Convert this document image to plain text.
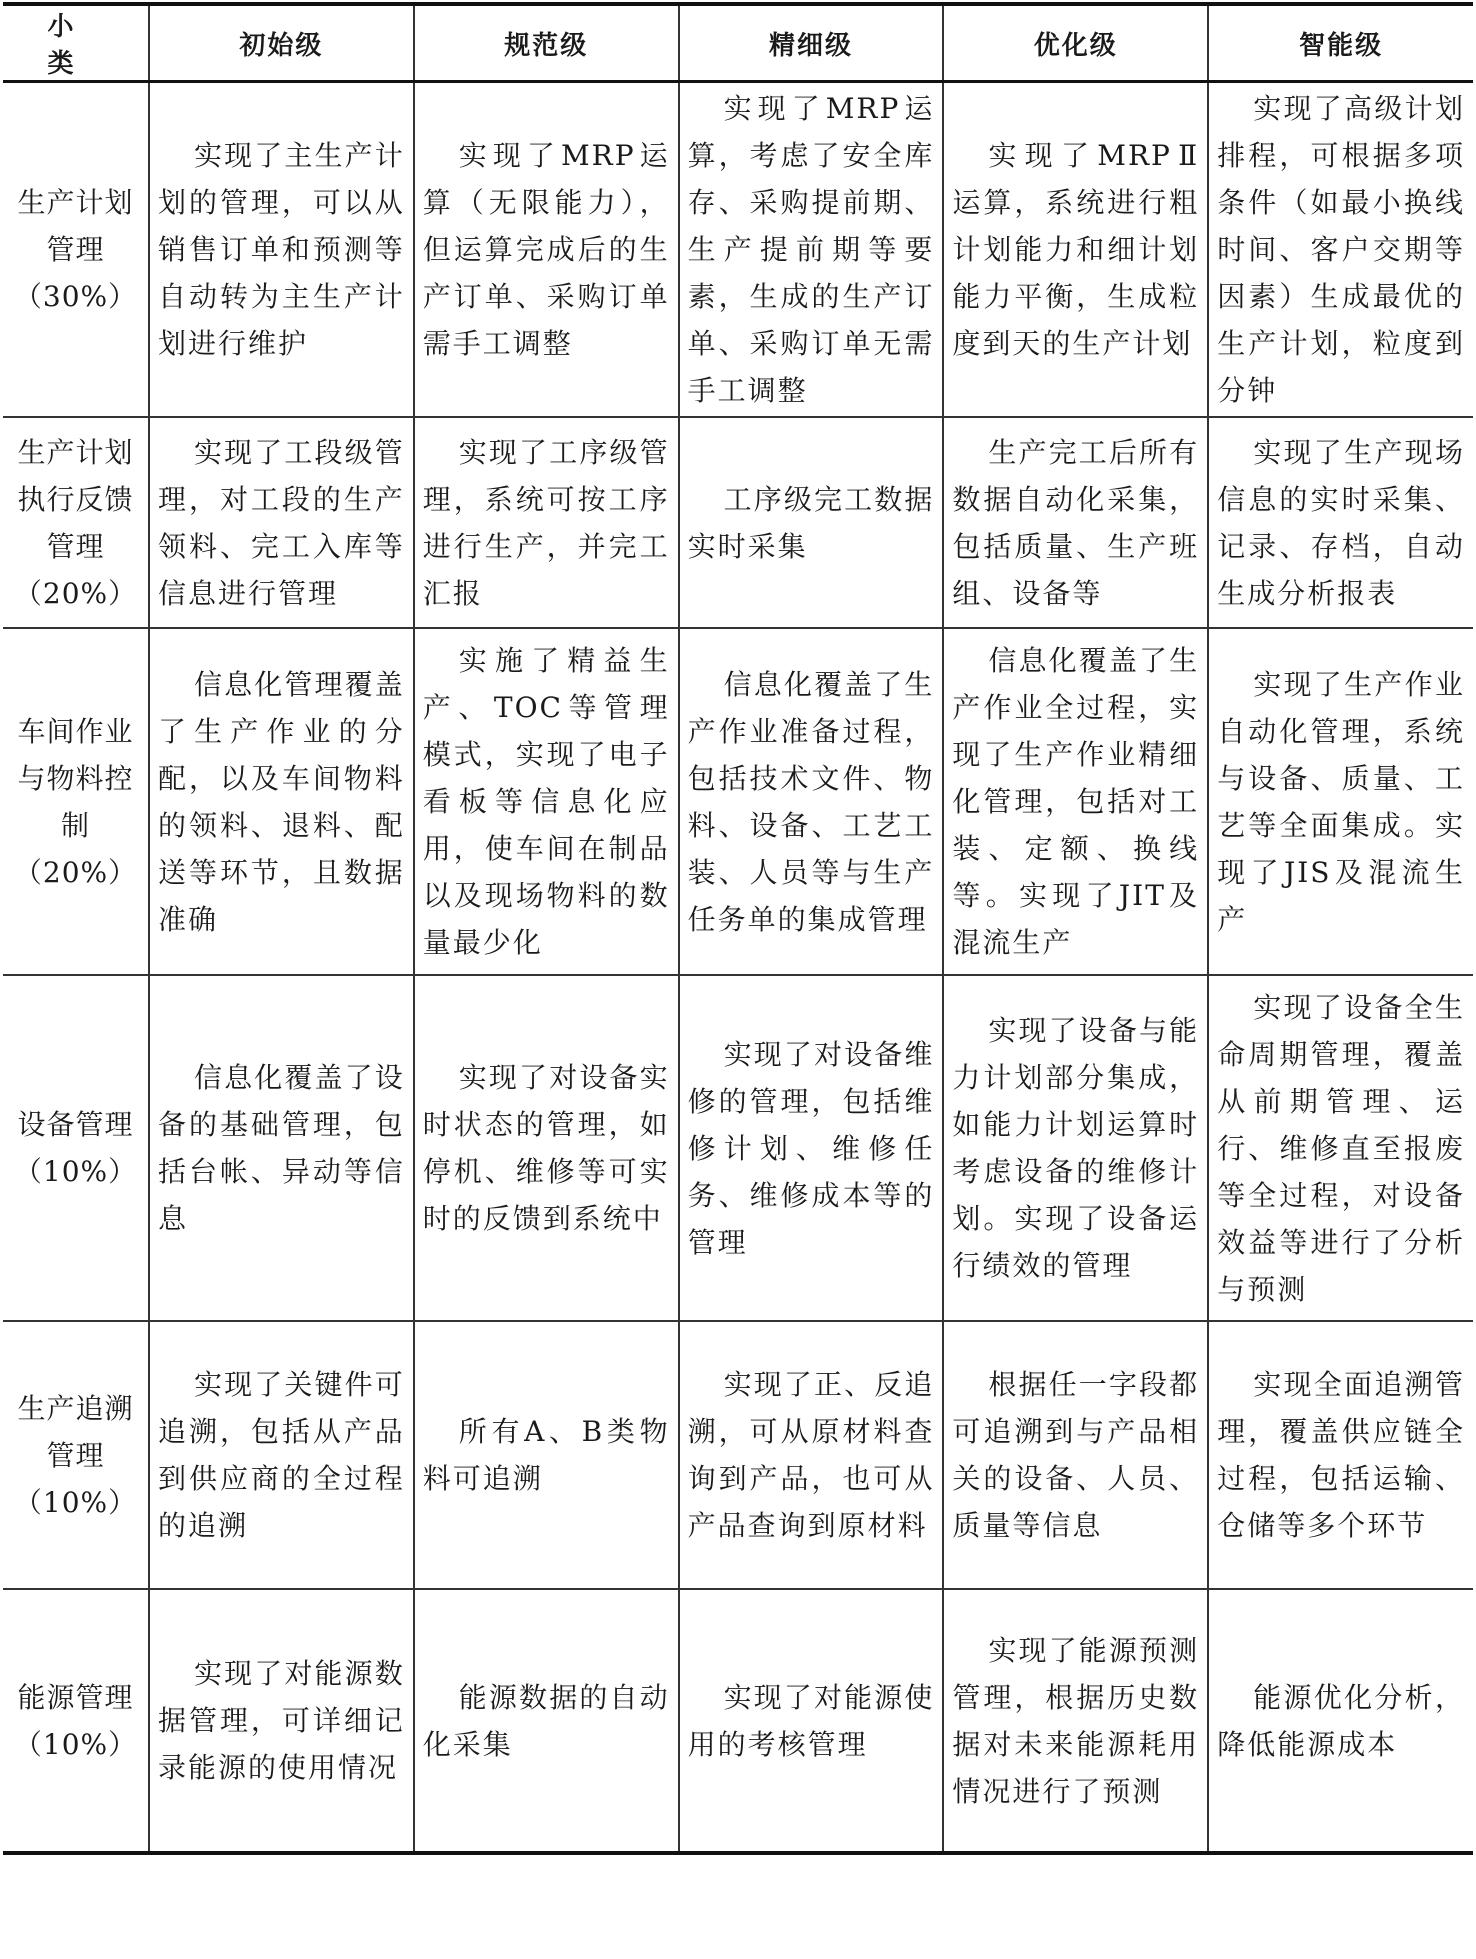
小　类	初始级	规范级	精细级	优化级	智能级

生产计划管理
（30%）	实现了主生产计划的管理，可以从销售订单和预测等自动转为主生产计划进行维护	实现了MRP运算（无限能力），但运算完成后的生产订单、采购订单需手工调整	实现了MRP运算，考虑了安全库存、采购提前期、生产提前期等要素，生成的生产订单、采购订单无需手工调整	实现了MRPⅡ运算，系统进行粗计划能力和细计划能力平衡，生成粒度到天的生产计划	实现了高级计划排程，可根据多项条件（如最小换线时间、客户交期等因素）生成最优的生产计划，粒度到分钟

生产计划执行反馈管理
（20%）	实现了工段级管理，对工段的生产领料、完工入库等信息进行管理	实现了工序级管理，系统可按工序进行生产，并完工汇报	工序级完工数据实时采集	生产完工后所有数据自动化采集，包括质量、生产班组、设备等	实现了生产现场信息的实时采集、记录、存档，自动生成分析报表

车间作业与物料控制
（20%）	信息化管理覆盖了生产作业的分配，以及车间物料的领料、退料、配送等环节，且数据准确	实施了精益生产、TOC等管理模式，实现了电子看板等信息化应用，使车间在制品以及现场物料的数量最少化	信息化覆盖了生产作业准备过程，包括技术文件、物料、设备、工艺工装、人员等与生产任务单的集成管理	信息化覆盖了生产作业全过程，实现了生产作业精细化管理，包括对工装、定额、换线等。实现了JIT及混流生产	实现了生产作业自动化管理，系统与设备、质量、工艺等全面集成。实现了JIS及混流生产

设备管理
（10%）	信息化覆盖了设备的基础管理，包括台帐、异动等信息	实现了对设备实时状态的管理，如停机、维修等可实时的反馈到系统中	实现了对设备维修的管理，包括维修计划、维修任务、维修成本等的管理	实现了设备与能力计划部分集成，如能力计划运算时考虑设备的维修计划。实现了设备运行绩效的管理	实现了设备全生命周期管理，覆盖从前期管理、运行、维修直至报废等全过程，对设备效益等进行了分析与预测

生产追溯管理
（10%）	实现了关键件可追溯，包括从产品到供应商的全过程的追溯	所有A、B类物料可追溯	实现了正、反追溯，可从原材料查询到产品，也可从产品查询到原材料	根据任一字段都可追溯到与产品相关的设备、人员、质量等信息	实现全面追溯管理，覆盖供应链全过程，包括运输、仓储等多个环节

能源管理
（10%）	实现了对能源数据管理，可详细记录能源的使用情况	能源数据的自动化采集	实现了对能源使用的考核管理	实现了能源预测管理，根据历史数据对未来能源耗用情况进行了预测	能源优化分析，降低能源成本
